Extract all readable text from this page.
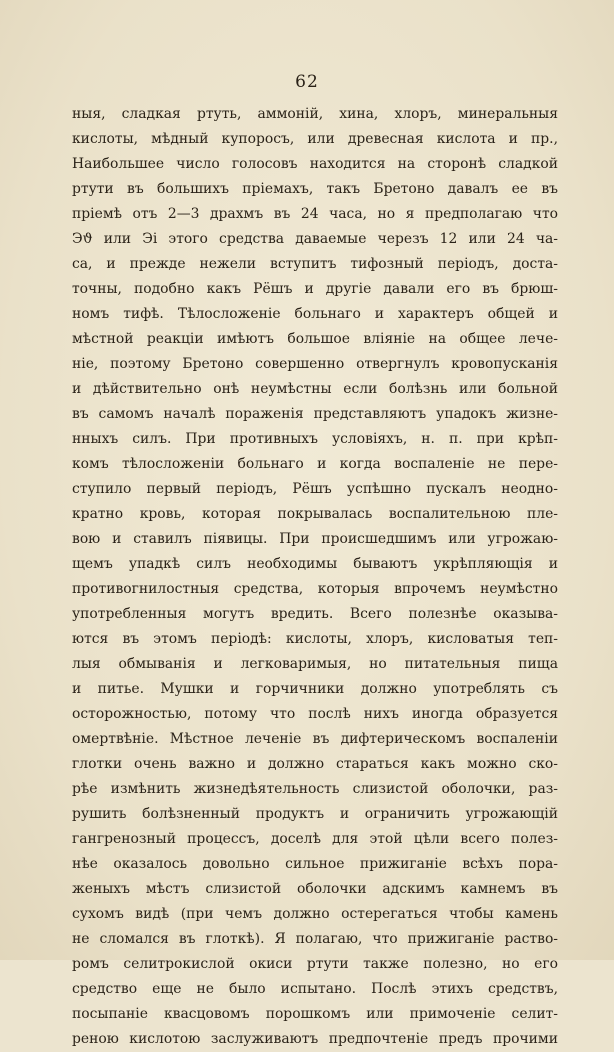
62
ныя, сладкая ртуть, аммонiй, хина, хлоръ, минеральныя
кислоты, мѣдный купоросъ, или древесная кислота и пр.,
Наибольшее число голосовъ находится на сторонѣ сладкой
ртути въ большихъ прiемахъ, такъ Бретоно давалъ ее въ
прiемѣ отъ 2—3 драхмъ въ 24 часа, но я предполагаю что
Эϑ или Эi этого средства даваемые черезъ 12 или 24 ча-
са, и прежде нежели вступитъ тифозный перiодъ, доста-
точны, подобно какъ Рёшъ и другiе давали его въ брюш-
номъ тифѣ. Тѣлосложенiе больнаго и характеръ общей и
мѣстной реакцiи имѣютъ большое влiянiе на общее лече-
нiе, поэтому Бретоно совершенно отвергнулъ кровопусканiя
и дѣйствительно онѣ неумѣстны если болѣзнь или больной
въ самомъ началѣ пораженiя представляютъ упадокъ жизне-
нныхъ силъ. При противныхъ условiяхъ, н. п. при крѣп-
комъ тѣлосложенiи больнаго и когда воспаленiе не пере-
ступило первый перiодъ, Рёшъ успѣшно пускалъ неодно-
кратно кровь, которая покрывалась воспалительною пле-
вою и ставилъ пiявицы. При происшедшимъ или угрожаю-
щемъ упадкѣ силъ необходимы бываютъ укрѣпляющiя и
противогнилостныя средства, которыя впрочемъ неумѣстно
употребленныя могутъ вредить. Всего полезнѣе оказыва-
ются въ этомъ перiодѣ: кислоты, хлоръ, кисловатыя теп-
лыя обмыванiя и легковаримыя, но питательныя пища
и питье. Мушки и горчичники должно употреблять съ
осторожностью, потому что послѣ нихъ иногда образуется
омертвѣнiе. Мѣстное леченiе въ дифтерическомъ воспаленiи
глотки очень важно и должно стараться какъ можно ско-
рѣе измѣнить жизнедѣятельность слизистой оболочки, раз-
рушить болѣзненный продуктъ и ограничить угрожающiй
гангренозный процессъ, доселѣ для этой цѣли всего полез-
нѣе оказалось довольно сильное прижиганiе всѣхъ пора-
женыхъ мѣстъ слизистой оболочки адскимъ камнемъ въ
сухомъ видѣ (при чемъ должно остерегаться чтобы камень
не сломался въ глоткѣ). Я полагаю, что прижиганiе раство-
ромъ селитрокислой окиси ртути также полезно, но его
средство еще не было испытано. Послѣ этихъ средствъ,
посыпанiе квасцовомъ порошкомъ или примоченiе селит-
реною кислотою заслуживаютъ предпочтенiе предъ прочими
